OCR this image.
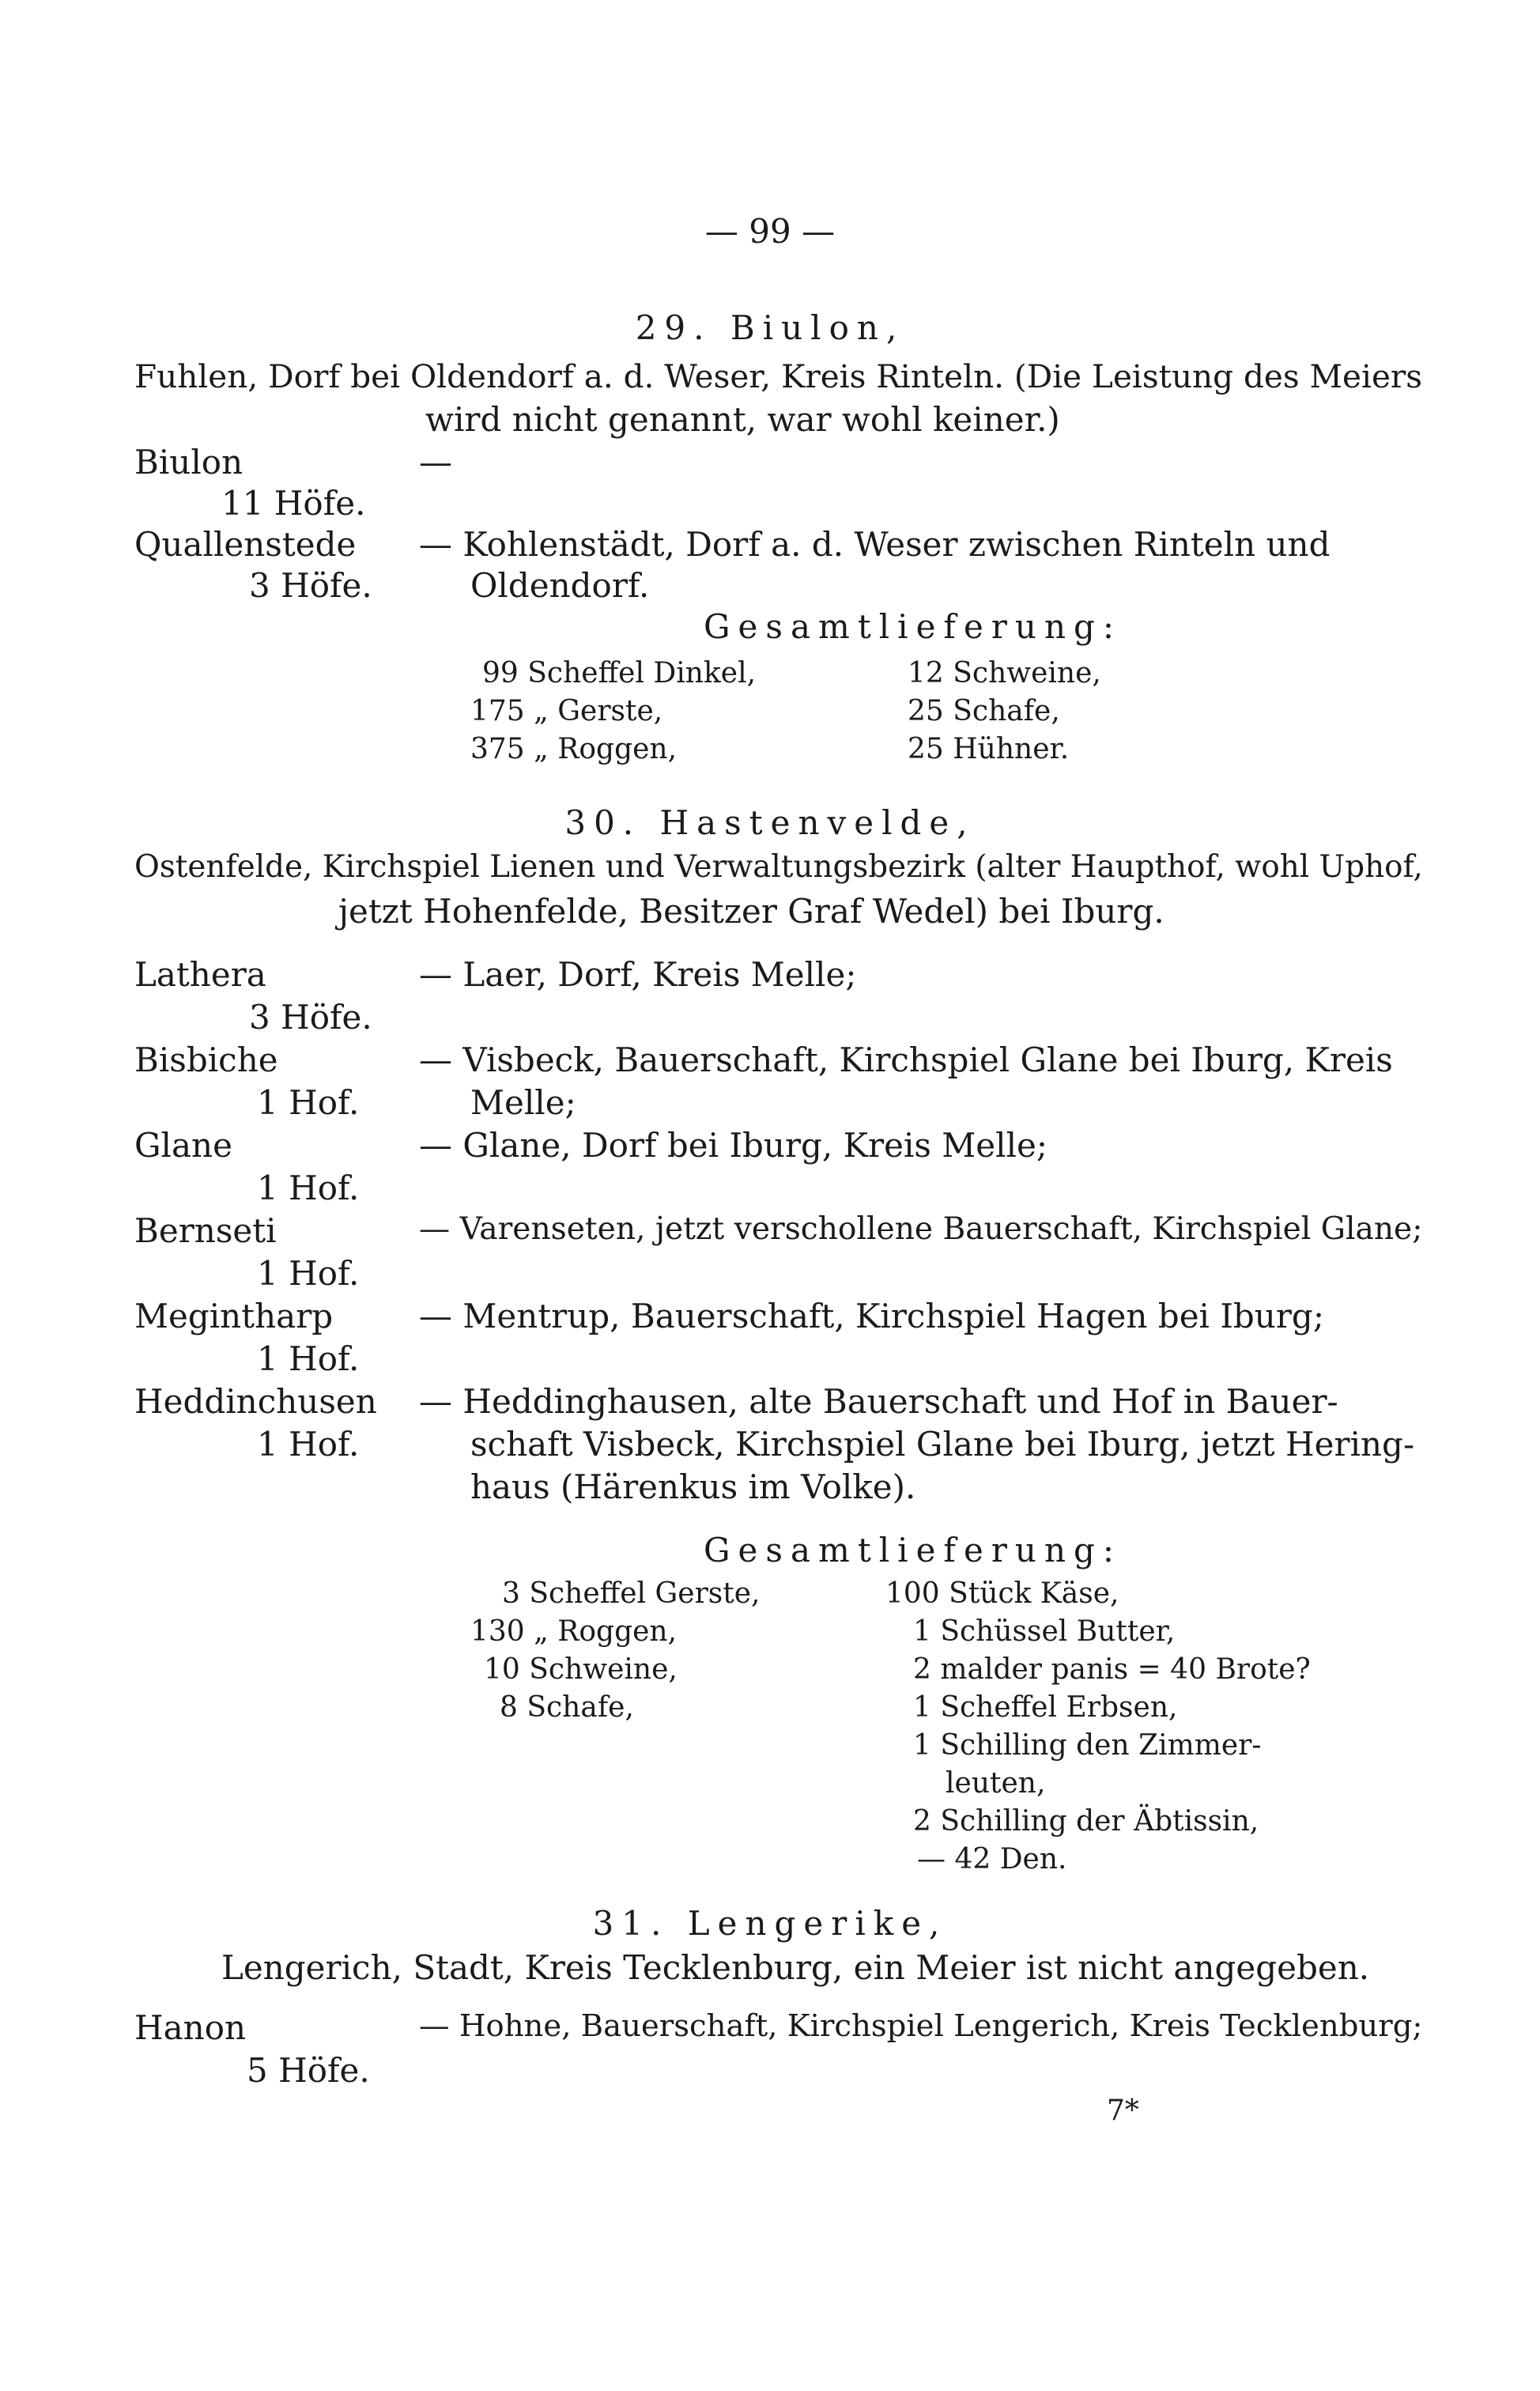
— 99 —
29. Biulon,
Fuhlen, Dorf bei Oldendorf a. d. Weser, Kreis Rinteln. (Die Leistung des Meiers
wird nicht genannt, war wohl keiner.)
Biulon	—
11 Höfe.
Quallenstede — Kohlenstädt, Dorf a. d. Weser zwischen Rinteln und
3 Höfe.	Oldendorf.
Gesamtlieferung:
99 Scheffel Dinkel,
175 „ Gerste,
375 „ Roggen,
12 Schweine,
25 Schafe,
25 Hühner.
30. Hastenvelde,
Ostenfelde, Kirchspiel Lienen und Verwaltungsbezirk (alter Haupthof, wohl Uphof,
jetzt Hohenfelde, Besitzer Graf Wedel) bei Iburg.
Lathera	— Laer, Dorf, Kreis Melle;
3 Höfe.
Bisbiche	— Visbeck, Bauerschaft, Kirchspiel Glane bei Iburg, Kreis
1 Hof.	Melle;
Glane	— Glane, Dorf bei Iburg, Kreis Melle;
1 Hof.
Bernseti	— Varenseten, jetzt verschollene Bauerschaft, Kirchspiel Glane;
1 Hof.
Megintharp	— Mentrup, Bauerschaft, Kirchspiel Hagen bei Iburg;
1 Hof.
Heddinchusen — Heddinghausen, alte Bauerschaft und Hof in Bauer-
1 Hof.	schaft Visbeck, Kirchspiel Glane bei Iburg, jetzt Hering-
haus (Härenkus im Volke).
Gesamtlieferung:
3 Scheffel Gerste,
130 „ Roggen,
10 Schweine,
8 Schafe,
100 Stück Käse,
1 Schüssel Butter,
2 malder panis = 40 Brote?
1 Scheffel Erbsen,
1 Schilling den Zimmer-
leuten,
2 Schilling der Äbtissin,
— 42 Den.
31. Lengerike,
Lengerich, Stadt, Kreis Tecklenburg, ein Meier ist nicht angegeben.
Hanon	— Hohne, Bauerschaft, Kirchspiel Lengerich, Kreis Tecklenburg;
5 Höfe.
7*
